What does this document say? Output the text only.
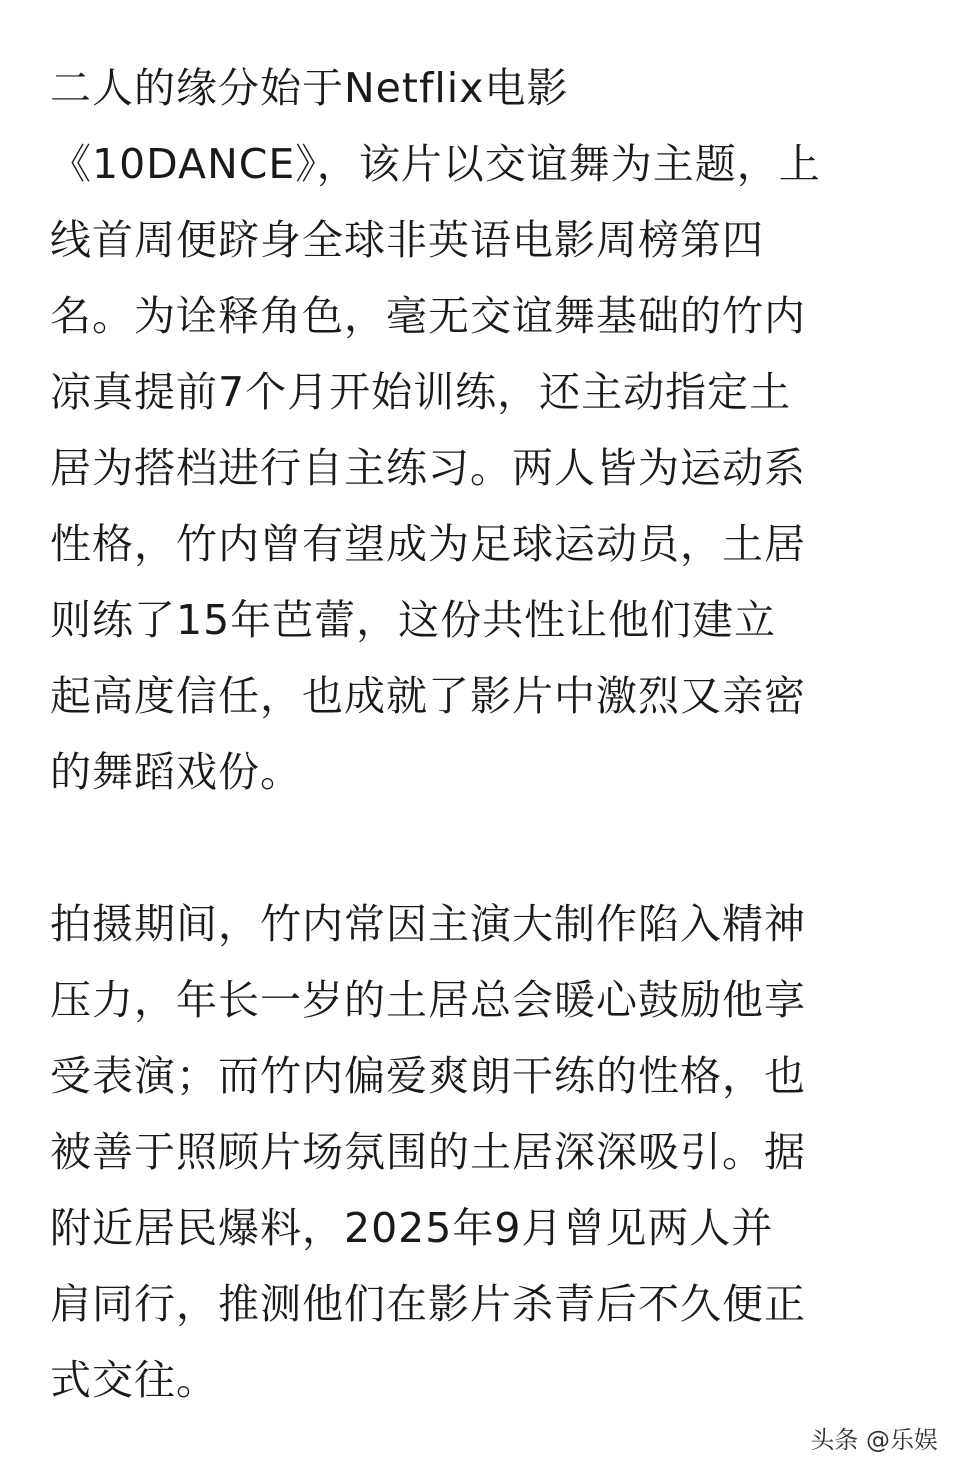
二人的缘分始于Netflix电影
《10DANCE》，该片以交谊舞为主题，上
线首周便跻身全球非英语电影周榜第四
名。为诠释角色，毫无交谊舞基础的竹内
凉真提前7个月开始训练，还主动指定土
居为搭档进行自主练习。两人皆为运动系
性格，竹内曾有望成为足球运动员，土居
则练了15年芭蕾，这份共性让他们建立
起高度信任，也成就了影片中激烈又亲密
的舞蹈戏份。

拍摄期间，竹内常因主演大制作陷入精神
压力，年长一岁的土居总会暖心鼓励他享
受表演；而竹内偏爱爽朗干练的性格，也
被善于照顾片场氛围的土居深深吸引。据
附近居民爆料，2025年9月曾见两人并
肩同行，推测他们在影片杀青后不久便正
式交往。

头条 @乐娱
